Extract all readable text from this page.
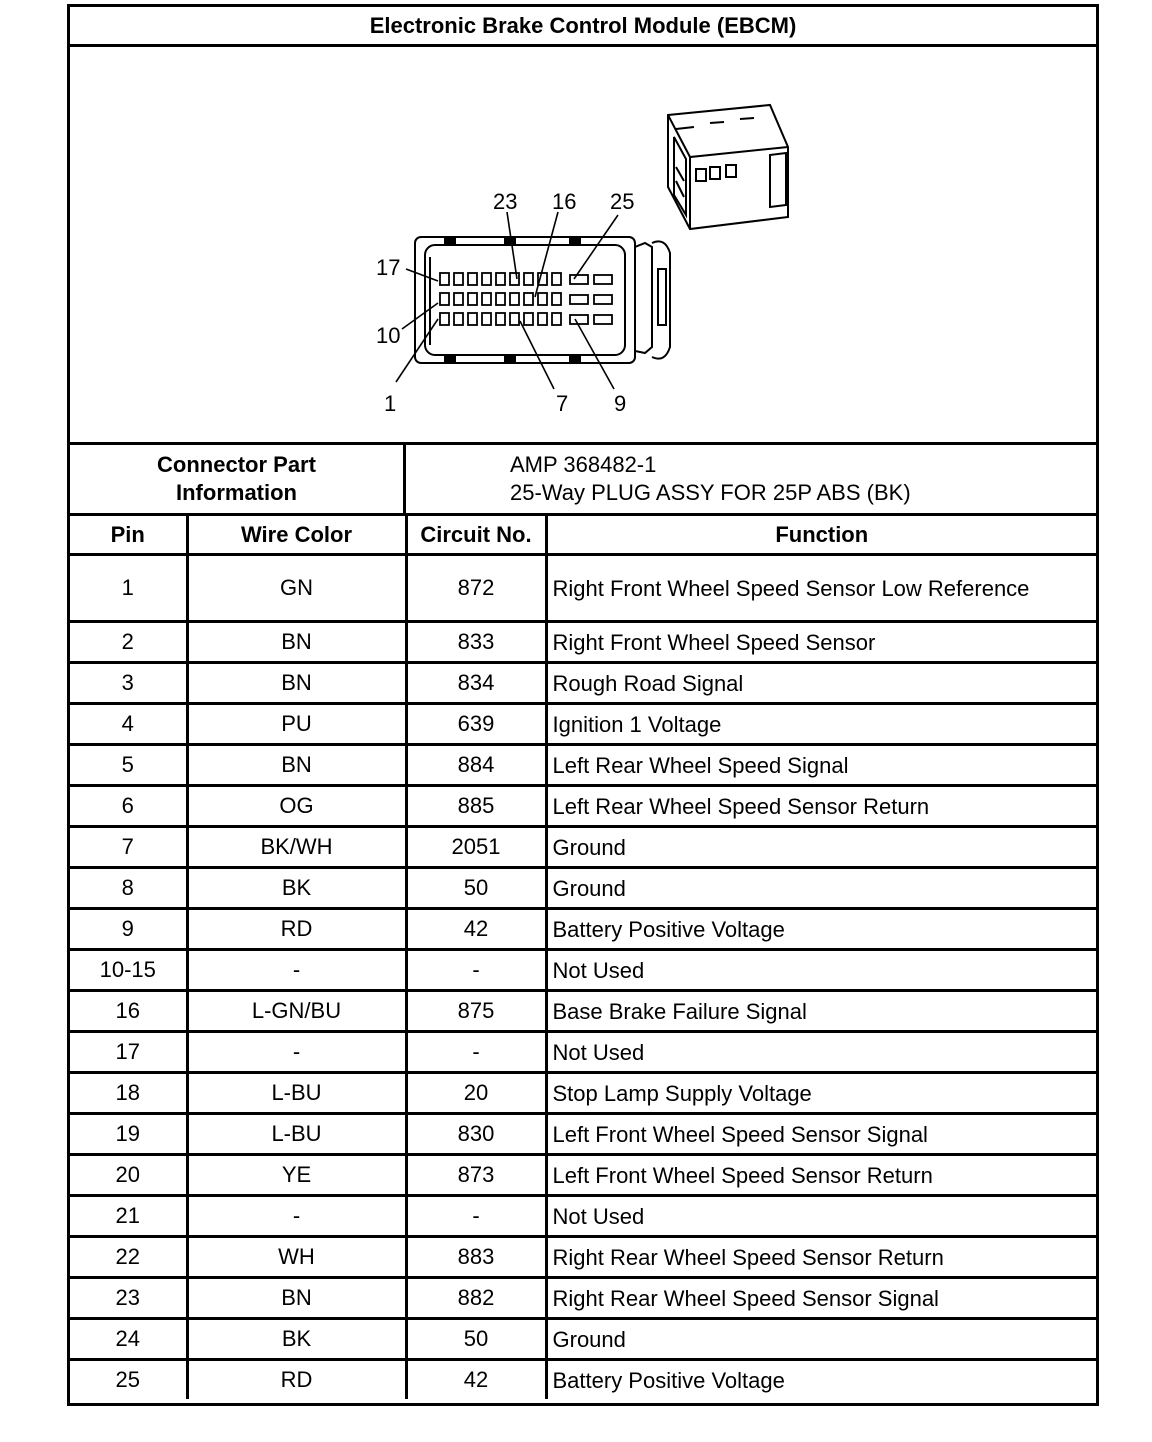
Electronic Brake Control Module (EBCM)
23 16 25
17
10
1	7 9
Connector Part
Information
AMP 368482-1
25-Way PLUG ASSY FOR 25P ABS (BK)
Pin	Wire Color	Circuit No.	Function
1	GN	872	Right Front Wheel Speed Sensor Low Reference
2	BN	833	Right Front Wheel Speed Sensor
3	BN	834	Rough Road Signal
4	PU	639	Ignition 1 Voltage
5	BN	884	Left Rear Wheel Speed Signal
6	OG	885	Left Rear Wheel Speed Sensor Return
7	BK/WH	2051	Ground
8	BK	50	Ground
9	RD	42	Battery Positive Voltage
10-15	-	-	Not Used
16	L-GN/BU	875	Base Brake Failure Signal
17	-	-	Not Used
18	L-BU	20	Stop Lamp Supply Voltage
19	L-BU	830	Left Front Wheel Speed Sensor Signal
20	YE	873	Left Front Wheel Speed Sensor Return
21	-	-	Not Used
22	WH	883	Right Rear Wheel Speed Sensor Return
23	BN	882	Right Rear Wheel Speed Sensor Signal
24	BK	50	Ground
25	RD	42	Battery Positive Voltage
